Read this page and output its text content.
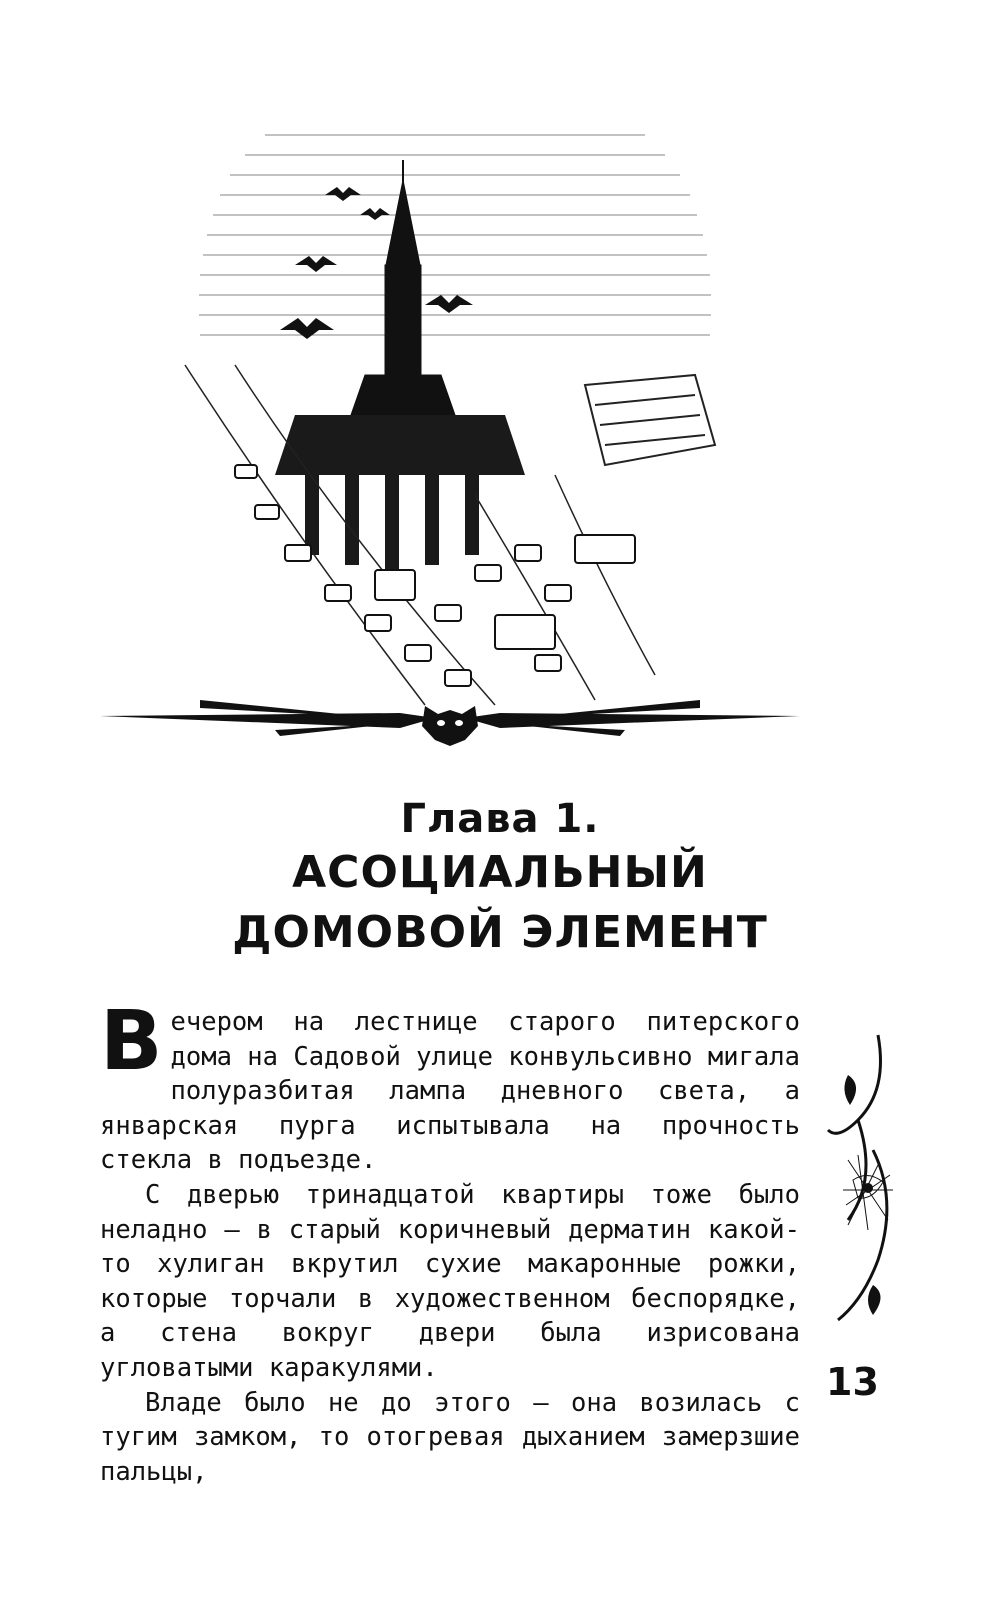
Глава 1.
АСОЦИАЛЬНЫЙ
ДОМОВОЙ ЭЛЕМЕНТ

Вечером на лестнице старого питерского дома на Садовой улице конвульсивно мигала полуразбитая лампа дневного света, а январская пурга испытывала на прочность стекла в подъезде.

С дверью тринадцатой квартиры тоже было неладно — в старый коричневый дерматин какой-то хулиган вкрутил сухие макаронные рожки, которые торчали в художественном беспорядке, а стена вокруг двери была изрисована угловатыми каракулями.

Владе было не до этого — она возилась с тугим замком, то отогревая дыханием замерзшие пальцы,

13
